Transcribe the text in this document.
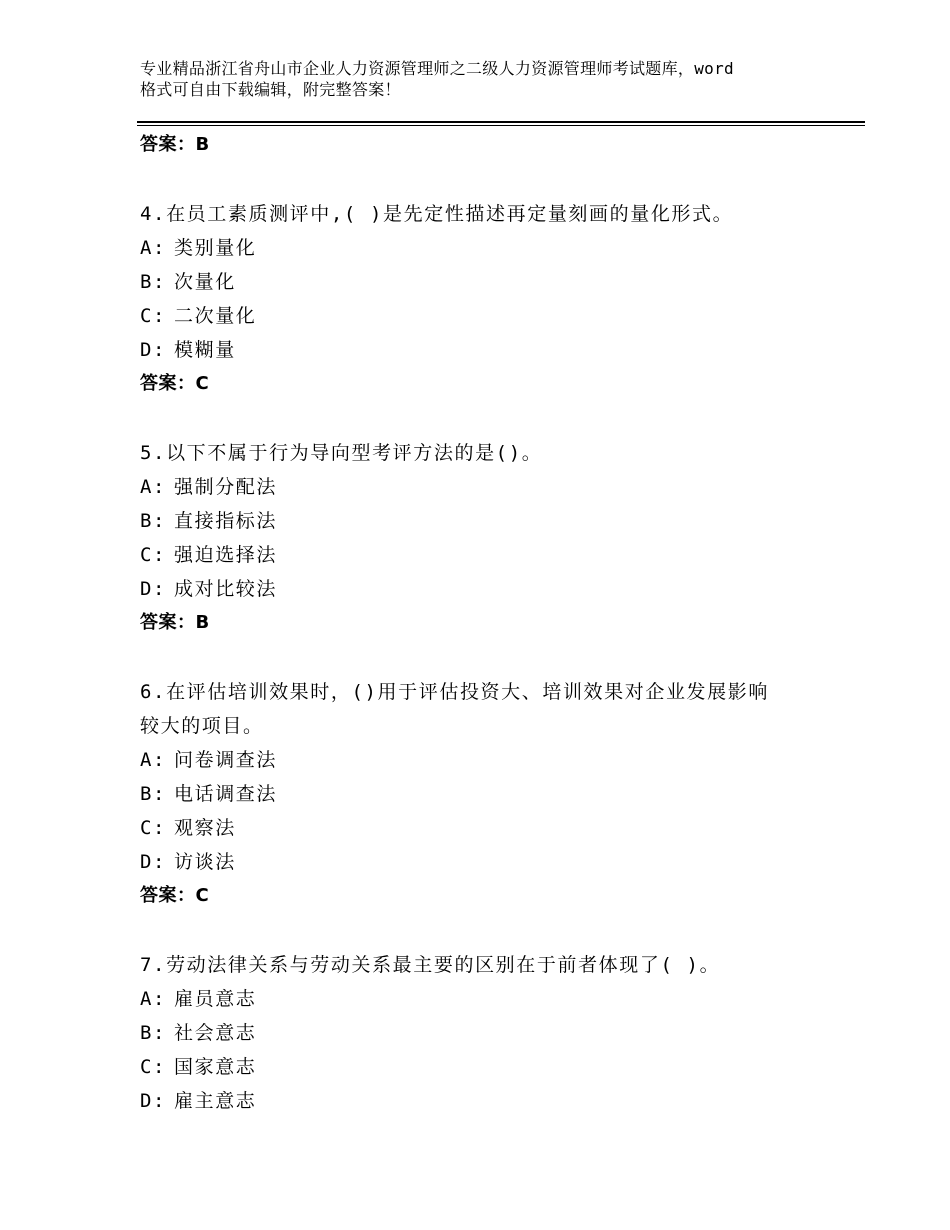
专业精品浙江省舟山市企业人力资源管理师之二级人力资源管理师考试题库，word
格式可自由下载编辑，附完整答案！
答案：B
4.在员工素质测评中,( )是先定性描述再定量刻画的量化形式。
A: 类别量化
B: 次量化
C: 二次量化
D: 模糊量
答案：C
5.以下不属于行为导向型考评方法的是()。
A: 强制分配法
B: 直接指标法
C: 强迫选择法
D: 成对比较法
答案：B
6.在评估培训效果时，()用于评估投资大、培训效果对企业发展影响
较大的项目。
A: 问卷调查法
B: 电话调查法
C: 观察法
D: 访谈法
答案：C
7.劳动法律关系与劳动关系最主要的区别在于前者体现了( )。
A: 雇员意志
B: 社会意志
C: 国家意志
D: 雇主意志
